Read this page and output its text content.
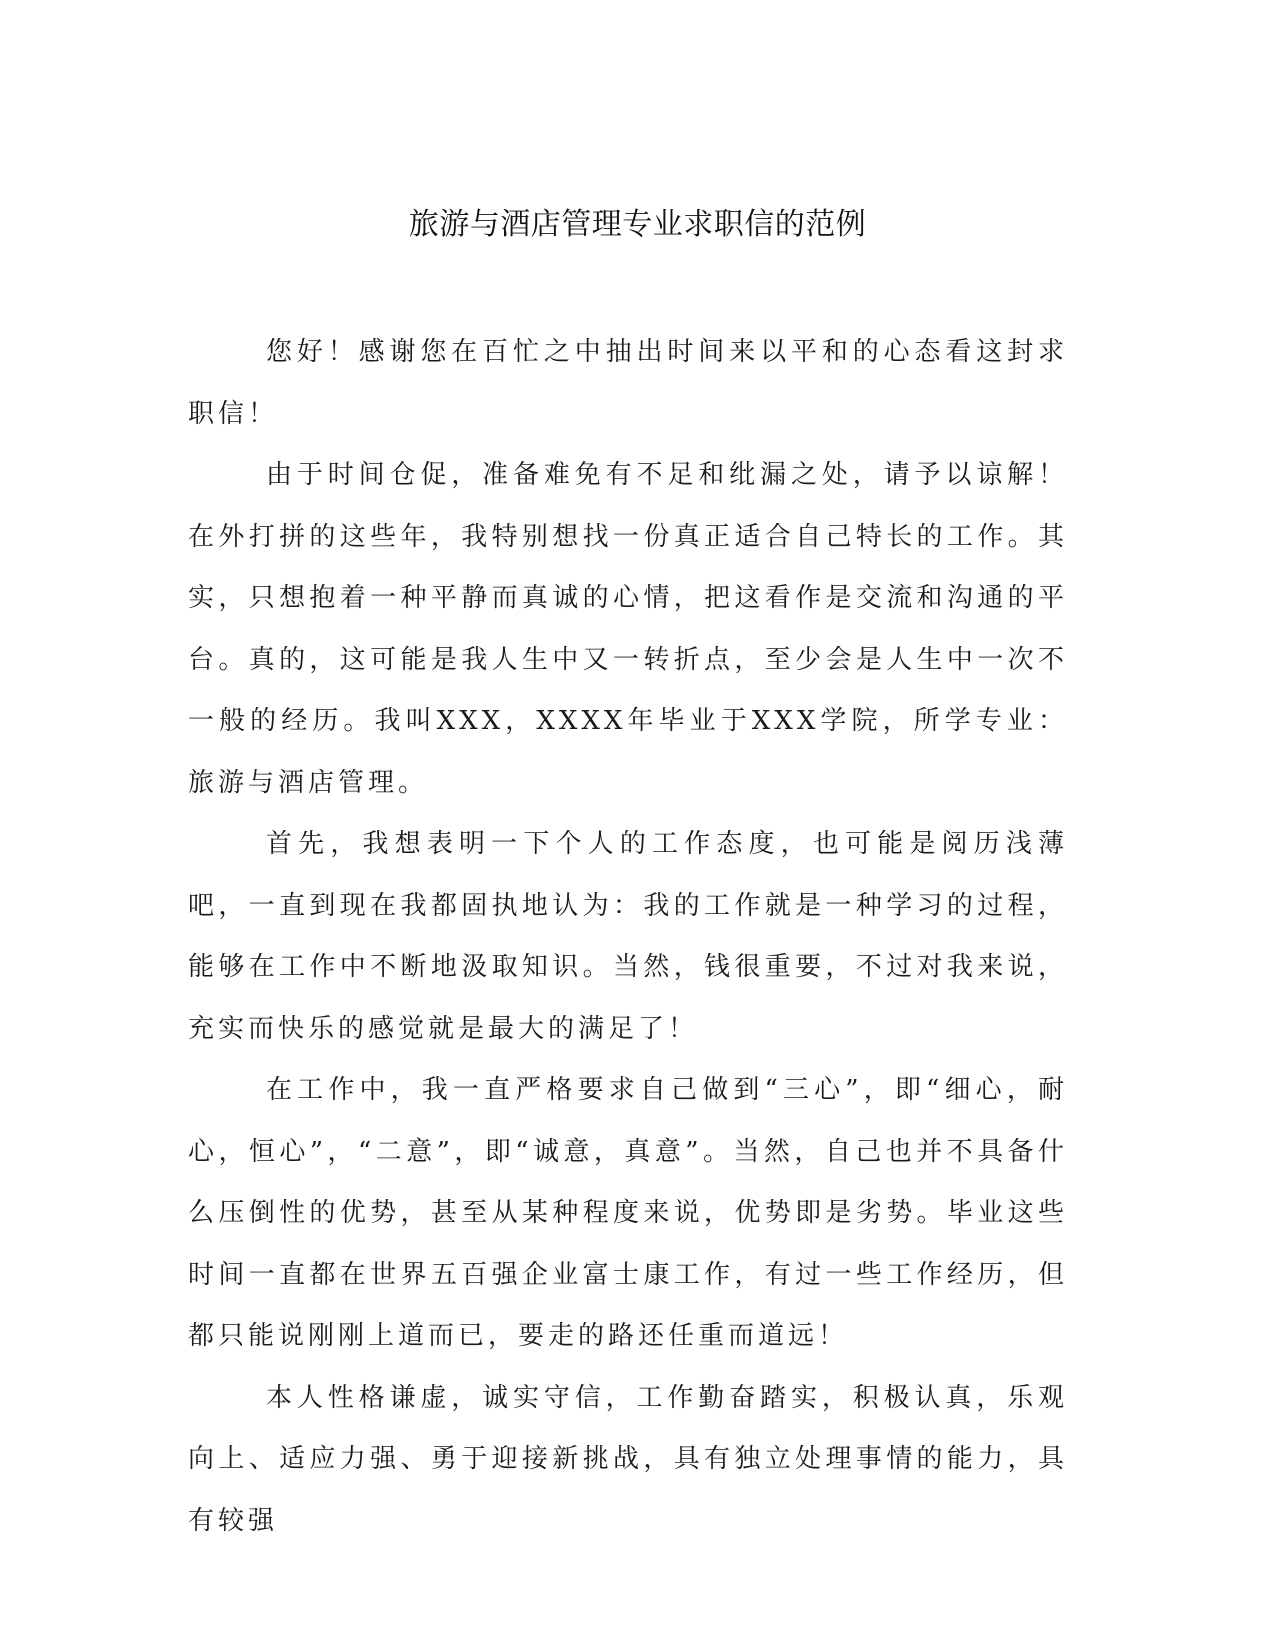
旅游与酒店管理专业求职信的范例

您好！感谢您在百忙之中抽出时间来以平和的心态看这封求职信！

由于时间仓促，准备难免有不足和纰漏之处，请予以谅解！在外打拼的这些年，我特别想找一份真正适合自己特长的工作。其实，只想抱着一种平静而真诚的心情，把这看作是交流和沟通的平台。真的，这可能是我人生中又一转折点，至少会是人生中一次不一般的经历。我叫XXX，XXXX年毕业于XXX学院，所学专业：旅游与酒店管理。

首先，我想表明一下个人的工作态度，也可能是阅历浅薄吧，一直到现在我都固执地认为：我的工作就是一种学习的过程，能够在工作中不断地汲取知识。当然，钱很重要，不过对我来说，充实而快乐的感觉就是最大的满足了！

在工作中，我一直严格要求自己做到“三心”，即“细心，耐心，恒心”，“二意”，即“诚意，真意”。当然，自己也并不具备什么压倒性的优势，甚至从某种程度来说，优势即是劣势。毕业这些时间一直都在世界五百强企业富士康工作，有过一些工作经历，但都只能说刚刚上道而已，要走的路还任重而道远！

本人性格谦虚，诚实守信，工作勤奋踏实，积极认真，乐观向上、适应力强、勇于迎接新挑战，具有独立处理事情的能力，具有较强
